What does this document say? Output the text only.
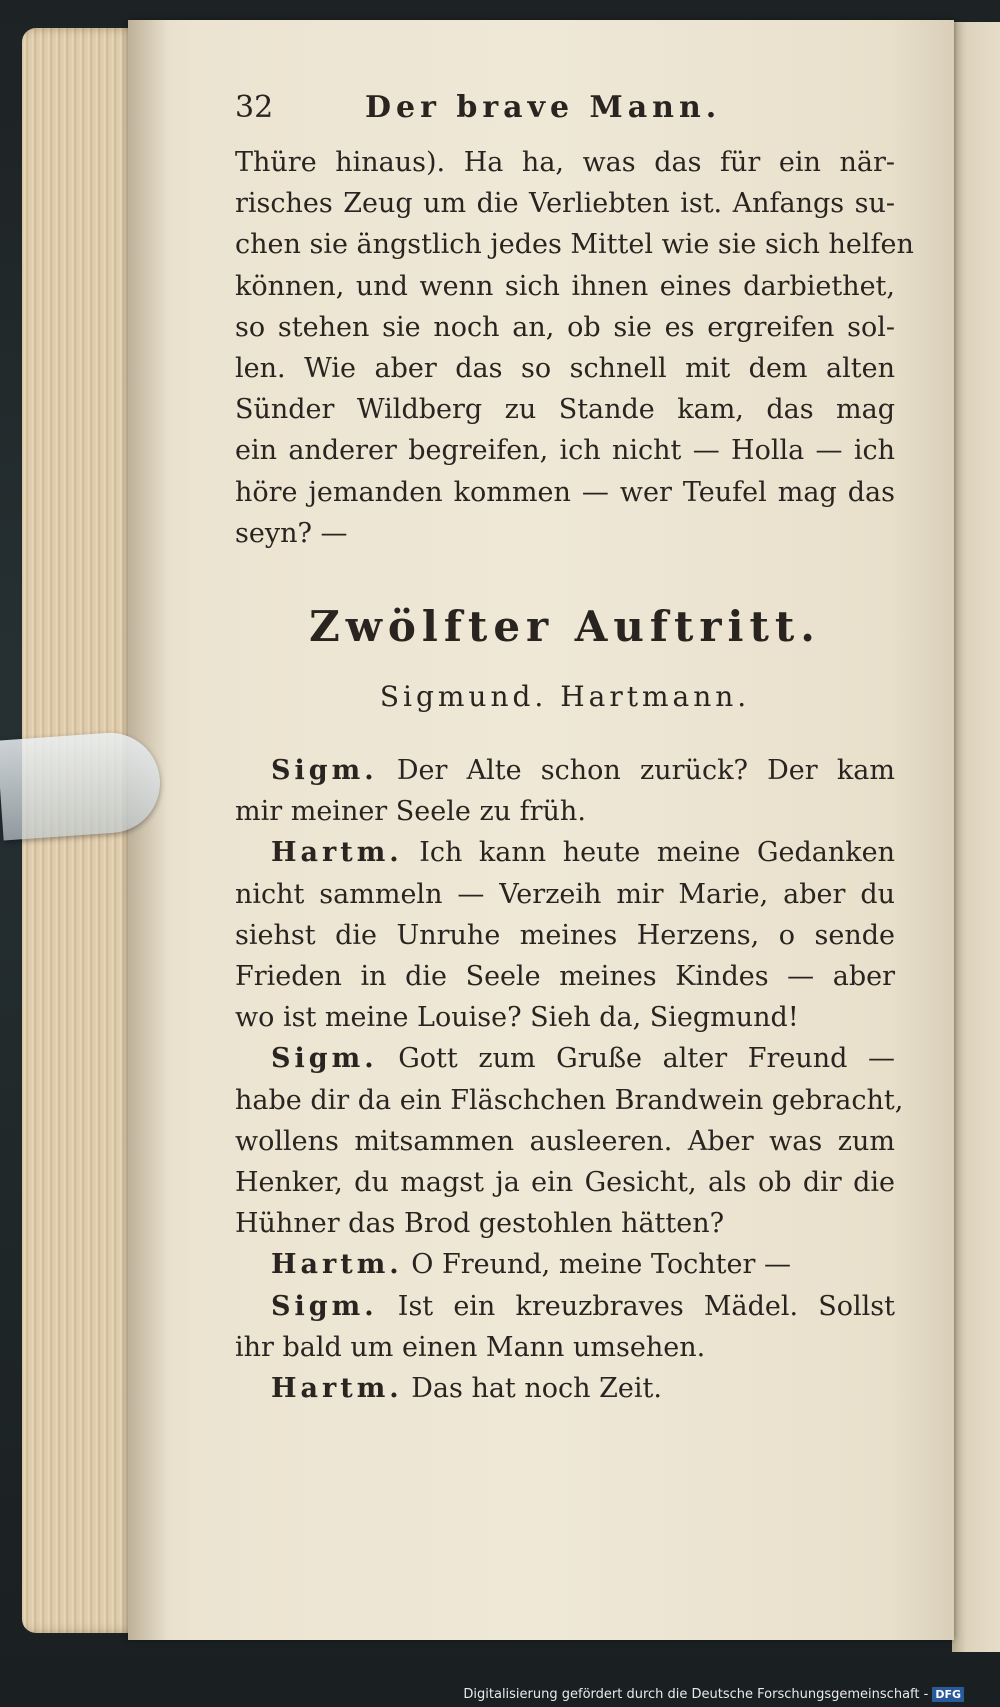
32	Der brave Mann.

Thüre hinaus). Ha ha, was das für ein när-
risches Zeug um die Verliebten ist. Anfangs su-
chen sie ängstlich jedes Mittel wie sie sich helfen
können, und wenn sich ihnen eines darbiethet,
so stehen sie noch an, ob sie es ergreifen sol-
len. Wie aber das so schnell mit dem alten
Sünder Wildberg zu Stande kam, das mag
ein anderer begreifen, ich nicht — Holla — ich
höre jemanden kommen — wer Teufel mag das
seyn? —

Zwölfter Auftritt.
Sigmund. Hartmann.

Sigm. Der Alte schon zurück? Der kam
mir meiner Seele zu früh.

Hartm. Ich kann heute meine Gedanken
nicht sammeln — Verzeih mir Marie, aber du
siehst die Unruhe meines Herzens, o sende
Frieden in die Seele meines Kindes — aber
wo ist meine Louise? Sieh da, Siegmund!

Sigm. Gott zum Gruße alter Freund —
habe dir da ein Fläschchen Brandwein gebracht,
wollens mitsammen ausleeren. Aber was zum
Henker, du magst ja ein Gesicht, als ob dir die
Hühner das Brod gestohlen hätten?

Hartm. O Freund, meine Tochter —

Sigm. Ist ein kreuzbraves Mädel. Sollst
ihr bald um einen Mann umsehen.

Hartm. Das hat noch Zeit.

Digitalisierung gefördert durch die Deutsche Forschungsgemeinschaft - DFG
